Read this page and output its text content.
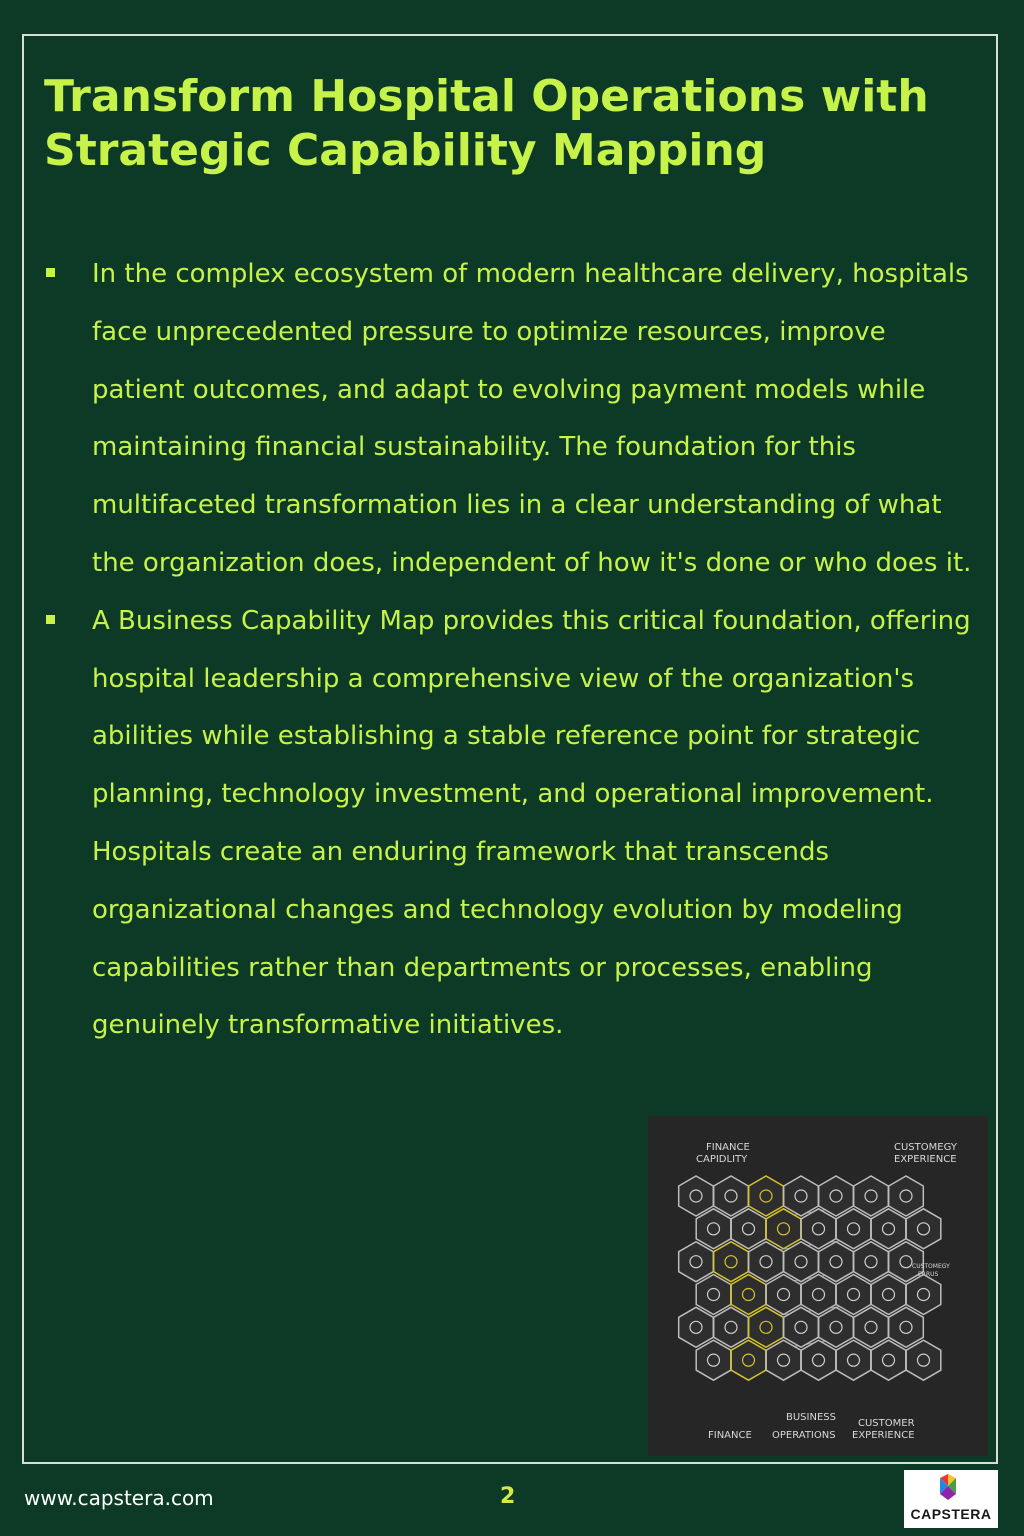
Transform Hospital Operations with Strategic Capability Mapping
In the complex ecosystem of modern healthcare delivery, hospitals face unprecedented pressure to optimize resources, improve patient outcomes, and adapt to evolving payment models while maintaining financial sustainability. The foundation for this multifaceted transformation lies in a clear understanding of what the organization does, independent of how it's done or who does it.
A Business Capability Map provides this critical foundation, offering hospital leadership a comprehensive view of the organization's abilities while establishing a stable reference point for strategic planning, technology investment, and operational improvement. Hospitals create an enduring framework that transcends organizational changes and technology evolution by modeling capabilities rather than departments or processes, enabling genuinely transformative initiatives.
FINANCE
CAPIDLITY
CUSTOMEGY
EXPERIENCE
CUSTOMEGY
ERRUS
FINANCE
BUSINESS
OPERATIONS
CUSTOMER
EXPERIENCE
www.capstera.com	2
CAPSTERA
